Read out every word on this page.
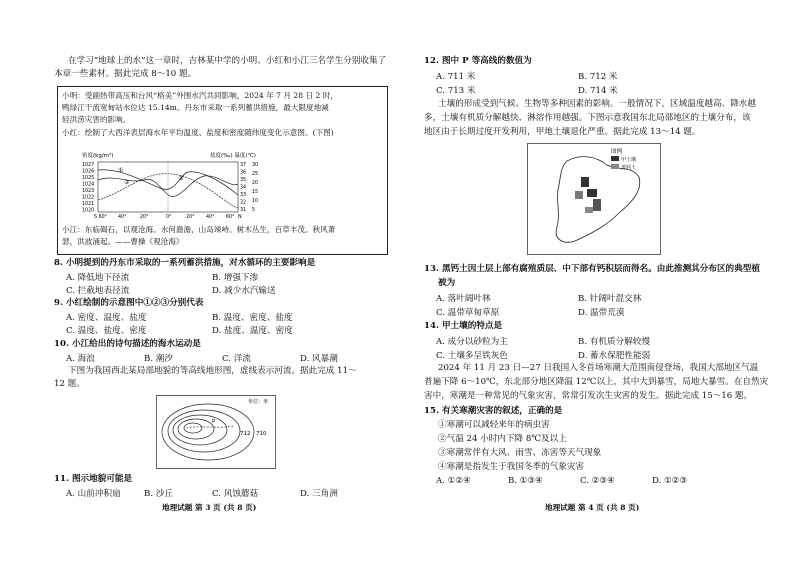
在学习“地球上的水”这一章时，吉林某中学的小明、小红和小江三名学生分别收集了
本章一些素材。据此完成 8～10 题。
小明：受副热带高压和台风“格美”外围水汽共同影响，2024 年 7 月 28 日 2 时，
鸭绿江干流宽甸站水位达 15.14m。丹东市采取一系列蓄洪措施，最大限度地减
轻洪涝灾害的影响。
小红：绘制了大西洋表层海水年平均温度、盐度和密度随纬度变化示意图。(下图)
密度(kg/m³)	盐度(‰) 温度(℃)
1027
1026
1025
1024
1023
1022
1021
1020
37
36
35
34
33
32
31
30
25
20
15
10
5
①
②
③
S 60° 40°	20°	0°	20° 40° 60° N
小江：东临碣石，以观沧海。水何澹澹，山岛竦峙。树木丛生，百草丰茂。秋风萧
瑟，洪波涌起。——曹操《观沧海》
8. 小明提到的丹东市采取的一系列蓄洪措施，对水循环的主要影响是
A. 降低地下径流	B. 增强下渗
C. 拦截地表径流	D. 减少水汽输送
9. 小红绘制的示意图中①②③分别代表
A. 密度、温度、盐度	B. 温度、密度、盐度
C. 温度、盐度、密度	D. 盐度、温度、密度
10. 小江给出的诗句描述的海水运动是
A. 海浪	B. 潮汐	C. 洋流	D. 风暴潮
下图为我国西北某局部地貌的等高线地形图，虚线表示河流。据此完成 11～
12 题。
单位：米
712 710
P
11. 图示地貌可能是
A. 山前冲积扇	B. 沙丘	C. 风蚀蘑菇	D. 三角洲
地理试题 第 3 页 (共 8 页)
12. 图中 P 等高线的数值为
A. 711 米	B. 712 米
C. 713 米	D. 714 米
土壤的形成受到气候、生物等多种因素的影响。一般情况下，区域温度越高、降水越
多，土壤有机质分解越快、淋溶作用越强。下图示意我国东北局部地区的土壤分布，该
地区由于长期过度开发利用，甲地土壤退化严重。据此完成 13～14 题。
图例
甲土壤
黑钙土
13. 黑钙土因土层上部有腐殖质层、中下部有钙积层而得名。由此推测其分布区的典型植
被为
A. 落叶阔叶林	B. 针阔叶混交林
C. 温带草甸草原	D. 温带荒漠
14. 甲土壤的特点是
A. 成分以砂粒为主	B. 有机质分解较慢
C. 土壤多呈铁灰色	D. 蓄水保肥性能弱
2024 年 11 月 23 日—27 日我国入冬首场寒潮大范围南侵登场，我国大部地区气温
普遍下降 6～10℃，东北部分地区降温 12℃以上，其中大到暴雪，局地大暴雪。在自然灾
害中，寒潮是一种常见的气象灾害，常常引发次生灾害的发生。据此完成 15～16 题。
15. 有关寒潮灾害的叙述，正确的是
①寒潮可以减轻来年的病虫害
②气温 24 小时内下降 8℃及以上
③寒潮常伴有大风、雨雪、冻害等天气现象
④寒潮是指发生于我国冬季的气象灾害
A. ①②④	B. ①③④	C. ②③④	D. ①②③
地理试题 第 4 页 (共 8 页)
